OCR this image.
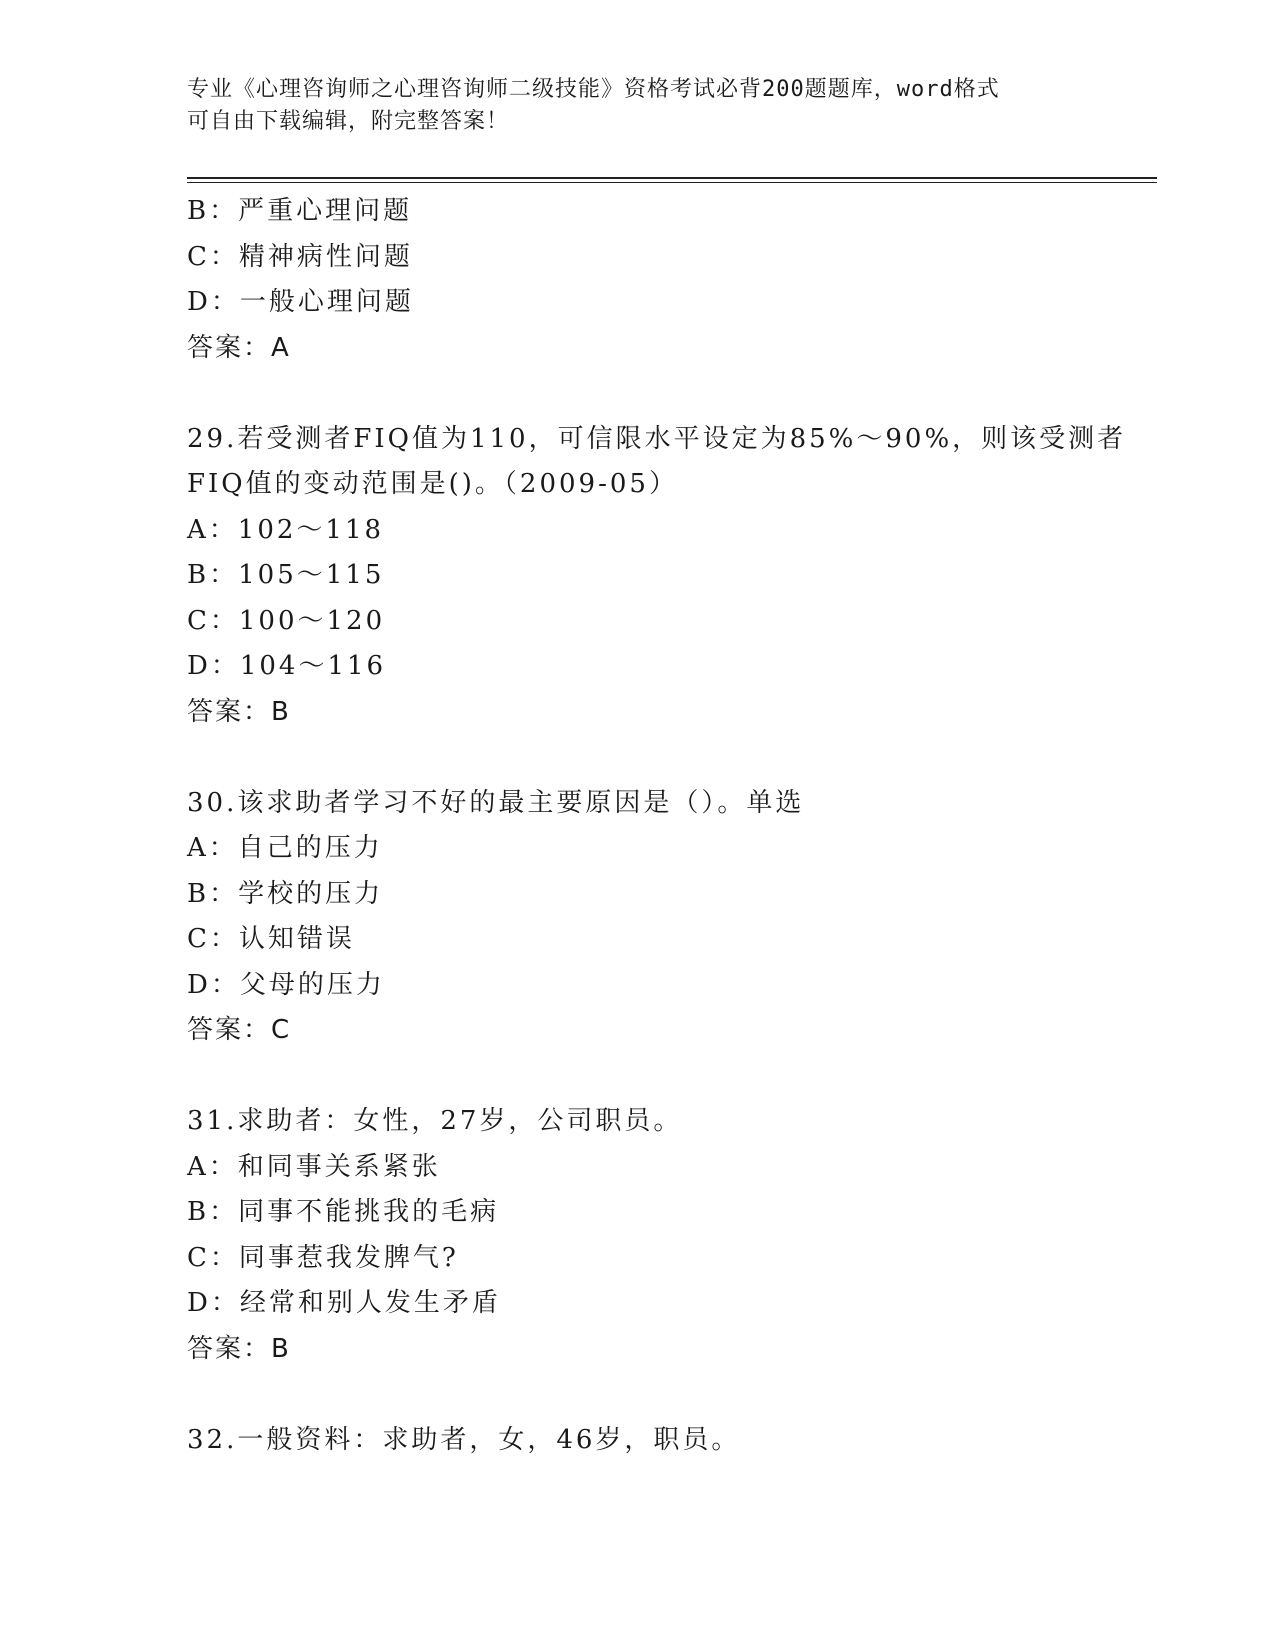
专业《心理咨询师之心理咨询师二级技能》资格考试必背200题题库，word格式
可自由下载编辑，附完整答案！
B：严重心理问题
C：精神病性问题
D：一般心理问题
答案：A
29.若受测者FIQ值为110，可信限水平设定为85%～90%，则该受测者
FIQ值的变动范围是()。（2009-05）
A：102～118
B：105～115
C：100～120
D：104～116
答案：B
30.该求助者学习不好的最主要原因是（）。单选
A：自己的压力
B：学校的压力
C：认知错误
D：父母的压力
答案：C
31.求助者：女性，27岁，公司职员。
A：和同事关系紧张
B：同事不能挑我的毛病
C：同事惹我发脾气?
D：经常和别人发生矛盾
答案：B
32.一般资料：求助者，女，46岁，职员。
